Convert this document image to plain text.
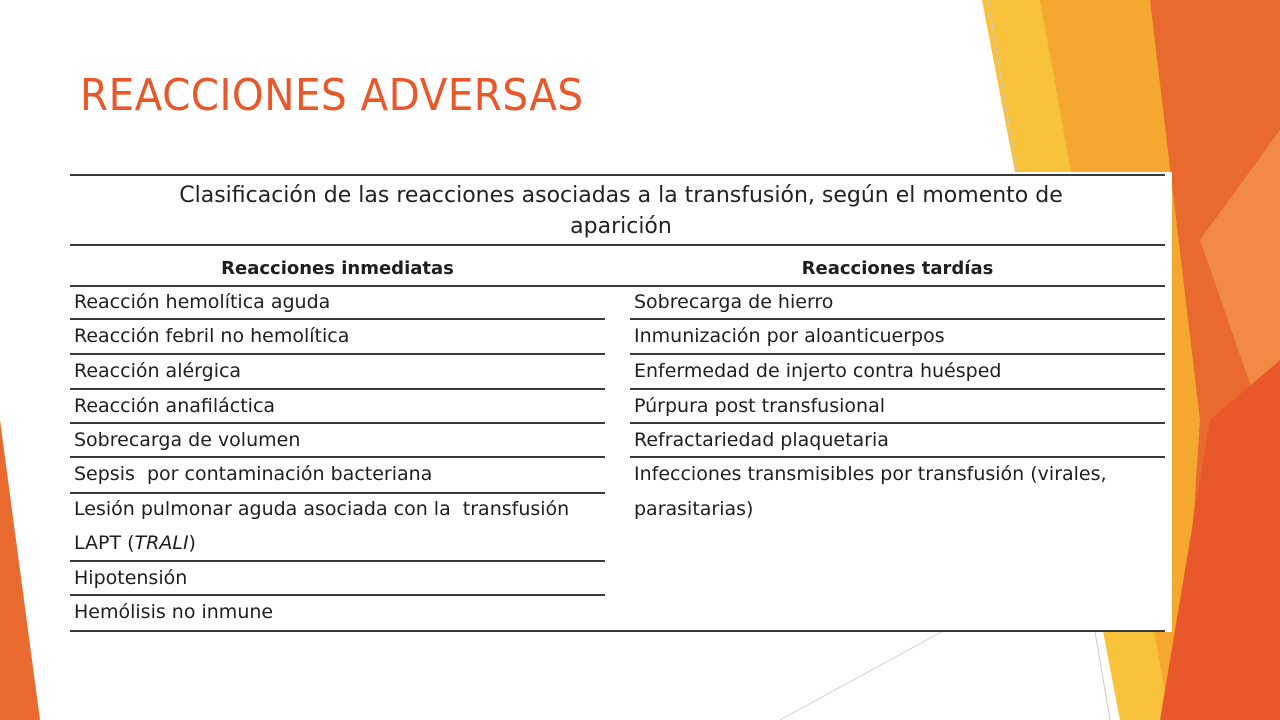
REACCIONES ADVERSAS
Clasificación de las reacciones asociadas a la transfusión, según el momento de
aparición
Reacciones inmediatas	Reacciones tardías
Reacción hemolítica aguda
Reacción febril no hemolítica
Reacción alérgica
Reacción anafiláctica
Sobrecarga de volumen
Sepsis  por contaminación bacteriana
Lesión pulmonar aguda asociada con la  transfusión
LAPT (TRALI)
Hipotensión
Hemólisis no inmune
Sobrecarga de hierro
Inmunización por aloanticuerpos
Enfermedad de injerto contra huésped
Púrpura post transfusional
Refractariedad plaquetaria
Infecciones transmisibles por transfusión (virales,
parasitarias)
